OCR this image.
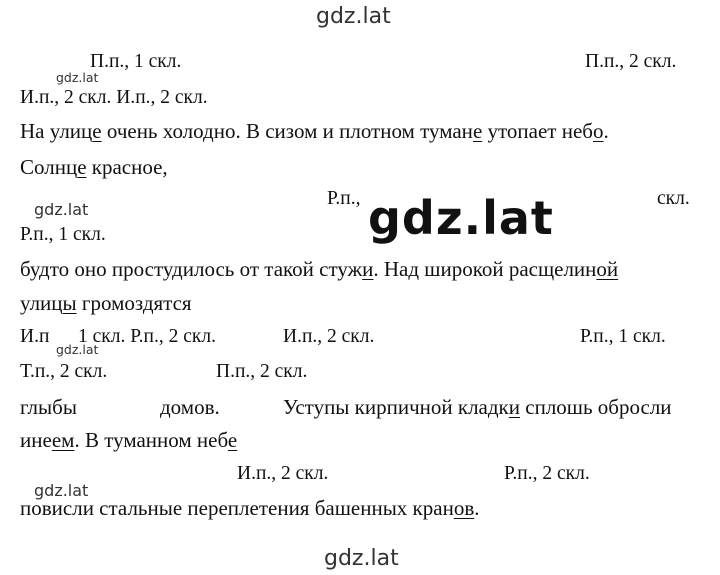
gdz.lat
gdz.lat
gdz.lat
gdz.lat
gdz.lat
gdz.lat
П.п., 1 скл.	П.п., 2 скл.
И.п., 2 скл. И.п., 2 скл.
На улице очень холодно. В сизом и плотном тумане утопает небо.
Солнце красное,
Р.п.,	скл.
gdz.lat
Р.п., 1 скл.
будто оно простудилось от такой стужи. Над широкой расщелиной
улицы громоздятся
И.п 1 скл. Р.п., 2 скл.	И.п., 2 скл.	Р.п., 1 скл.
Т.п., 2 скл.	П.п., 2 скл.
глыбы	домов.	Уступы кирпичной кладки сплошь обросли
инеем. В туманном небе
И.п., 2 скл.	Р.п., 2 скл.
повисли стальные переплетения башенных кранов.
